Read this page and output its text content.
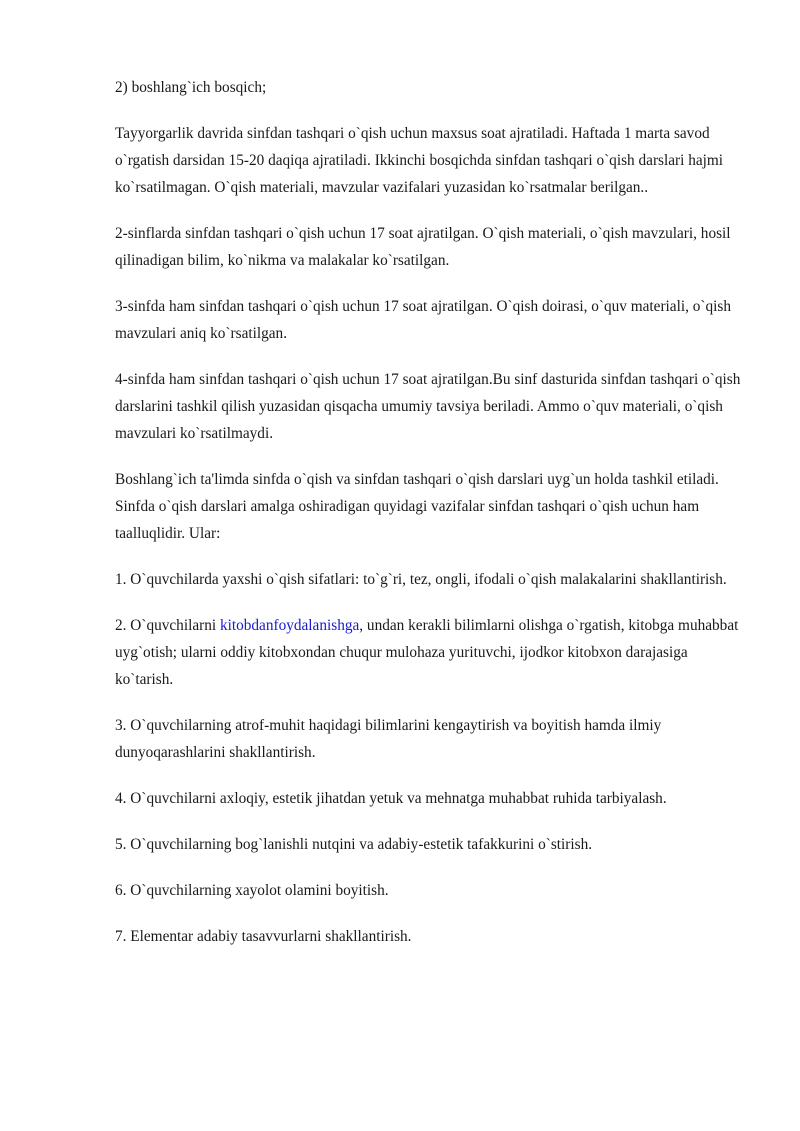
2) boshlang`ich bosqich;

Tayyorgarlik davrida sinfdan tashqari o`qish uchun maxsus soat ajratiladi. Haftada 1 marta savod o`rgatish darsidan 15-20 daqiqa ajratiladi. Ikkinchi bosqichda sinfdan tashqari o`qish darslari hajmi ko`rsatilmagan. O`qish materiali, mavzular vazifalari yuzasidan ko`rsatmalar berilgan..

2-sinflarda sinfdan tashqari o`qish uchun 17 soat ajratilgan. O`qish materiali, o`qish mavzulari, hosil qilinadigan bilim, ko`nikma va malakalar ko`rsatilgan.

3-sinfda ham sinfdan tashqari o`qish uchun 17 soat ajratilgan. O`qish doirasi, o`quv materiali, o`qish mavzulari aniq ko`rsatilgan.

4-sinfda ham sinfdan tashqari o`qish uchun 17 soat ajratilgan.Bu sinf dasturida sinfdan tashqari o`qish darslarini tashkil qilish yuzasidan qisqacha umumiy tavsiya beriladi. Ammo o`quv materiali, o`qish mavzulari ko`rsatilmaydi.

Boshlang`ich ta'limda sinfda o`qish va sinfdan tashqari o`qish darslari uyg`un holda tashkil etiladi. Sinfda o`qish darslari amalga oshiradigan quyidagi vazifalar sinfdan tashqari o`qish uchun ham taalluqlidir. Ular:

1. O`quvchilarda yaxshi o`qish sifatlari: to`g`ri, tez, ongli, ifodali o`qish malakalarini shakllantirish.

2. O`quvchilarni kitobdanfoydalanishga, undan kerakli bilimlarni olishga o`rgatish, kitobga muhabbat uyg`otish; ularni oddiy kitobxondan chuqur mulohaza yurituvchi, ijodkor kitobxon darajasiga ko`tarish.

3. O`quvchilarning atrof-muhit haqidagi bilimlarini kengaytirish va boyitish hamda ilmiy dunyoqarashlarini shakllantirish.

4. O`quvchilarni axloqiy, estetik jihatdan yetuk va mehnatga muhabbat ruhida tarbiyalash.

5. O`quvchilarning bog`lanishli nutqini va adabiy-estetik tafakkurini o`stirish.

6. O`quvchilarning xayolot olamini boyitish.

7. Elementar adabiy tasavvurlarni shakllantirish.
